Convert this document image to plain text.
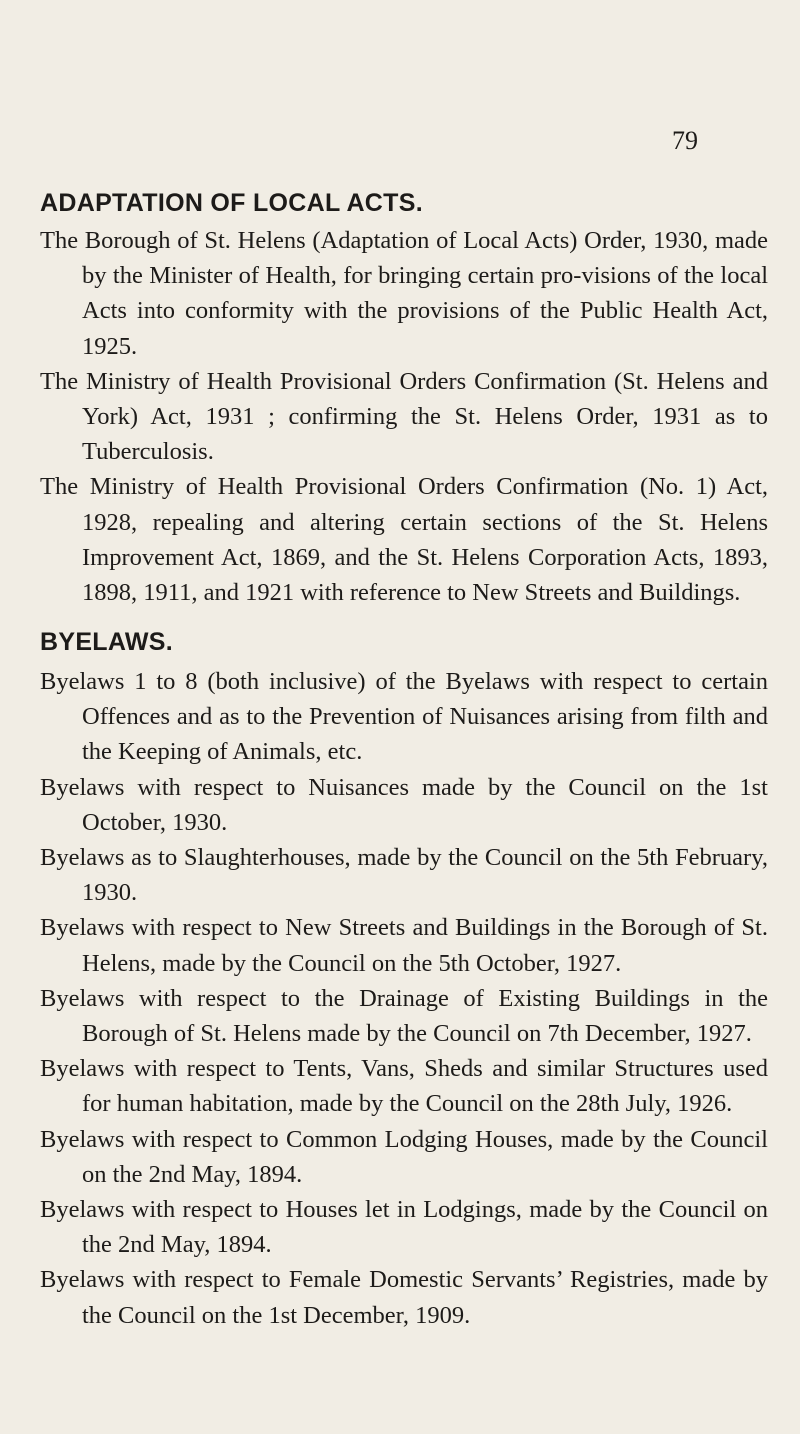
79
ADAPTATION OF LOCAL ACTS.
The Borough of St. Helens (Adaptation of Local Acts) Order, 1930, made by the Minister of Health, for bringing certain pro-visions of the local Acts into conformity with the provisions of the Public Health Act, 1925.
The Ministry of Health Provisional Orders Confirmation (St. Helens and York) Act, 1931 ; confirming the St. Helens Order, 1931 as to Tuberculosis.
The Ministry of Health Provisional Orders Confirmation (No. 1) Act, 1928, repealing and altering certain sections of the St. Helens Improvement Act, 1869, and the St. Helens Corporation Acts, 1893, 1898, 1911, and 1921 with reference to New Streets and Buildings.
BYELAWS.
Byelaws 1 to 8 (both inclusive) of the Byelaws with respect to certain Offences and as to the Prevention of Nuisances arising from filth and the Keeping of Animals, etc.
Byelaws with respect to Nuisances made by the Council on the 1st October, 1930.
Byelaws as to Slaughterhouses, made by the Council on the 5th February, 1930.
Byelaws with respect to New Streets and Buildings in the Borough of St. Helens, made by the Council on the 5th October, 1927.
Byelaws with respect to the Drainage of Existing Buildings in the Borough of St. Helens made by the Council on 7th December, 1927.
Byelaws with respect to Tents, Vans, Sheds and similar Structures used for human habitation, made by the Council on the 28th July, 1926.
Byelaws with respect to Common Lodging Houses, made by the Council on the 2nd May, 1894.
Byelaws with respect to Houses let in Lodgings, made by the Council on the 2nd May, 1894.
Byelaws with respect to Female Domestic Servants’ Registries, made by the Council on the 1st December, 1909.
